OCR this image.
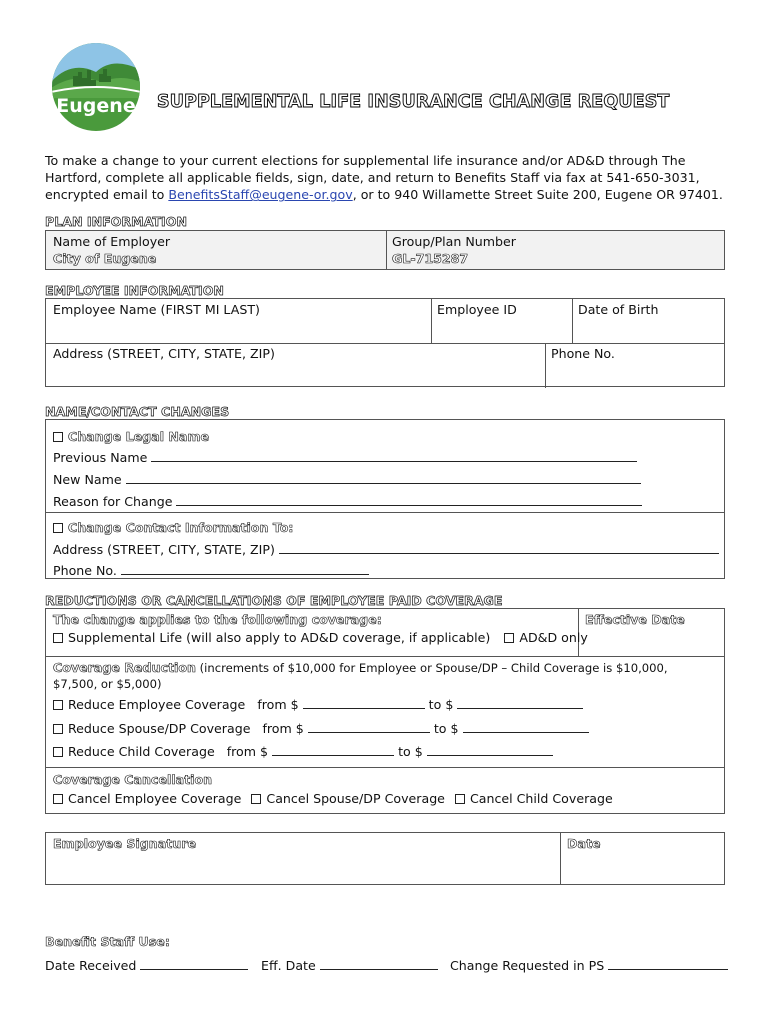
Eugene SUPPLEMENTAL LIFE INSURANCE CHANGE REQUEST
To make a change to your current elections for supplemental life insurance and/or AD&D through The Hartford, complete all applicable fields, sign, date, and return to Benefits Staff via fax at 541-650-3031, encrypted email to BenefitsStaff@eugene-or.gov, or to 940 Willamette Street Suite 200, Eugene OR 97401.
PLAN INFORMATION
Name of Employer
City of Eugene
Group/Plan Number
GL-715287
EMPLOYEE INFORMATION
Employee Name (FIRST MI LAST)	Employee ID	Date of Birth
Address (STREET, CITY, STATE, ZIP)	Phone No.
NAME/CONTACT CHANGES
Change Legal Name
Previous Name
New Name
Reason for Change
Change Contact Information To:
Address (STREET, CITY, STATE, ZIP)
Phone No.
REDUCTIONS OR CANCELLATIONS OF EMPLOYEE PAID COVERAGE
The change applies to the following coverage:
Supplemental Life (will also apply to AD&D coverage, if applicable) AD&D only
Effective Date
Coverage Reduction (increments of $10,000 for Employee or Spouse/DP – Child Coverage is $10,000, $7,500, or $5,000)
Reduce Employee Coverage from $	to $
Reduce Spouse/DP Coverage from $	to $
Reduce Child Coverage from $	to $
Coverage Cancellation
Cancel Employee Coverage Cancel Spouse/DP Coverage Cancel Child Coverage
Employee Signature	Date
Benefit Staff Use:
Date Received	Eff. Date	Change Requested in PS
